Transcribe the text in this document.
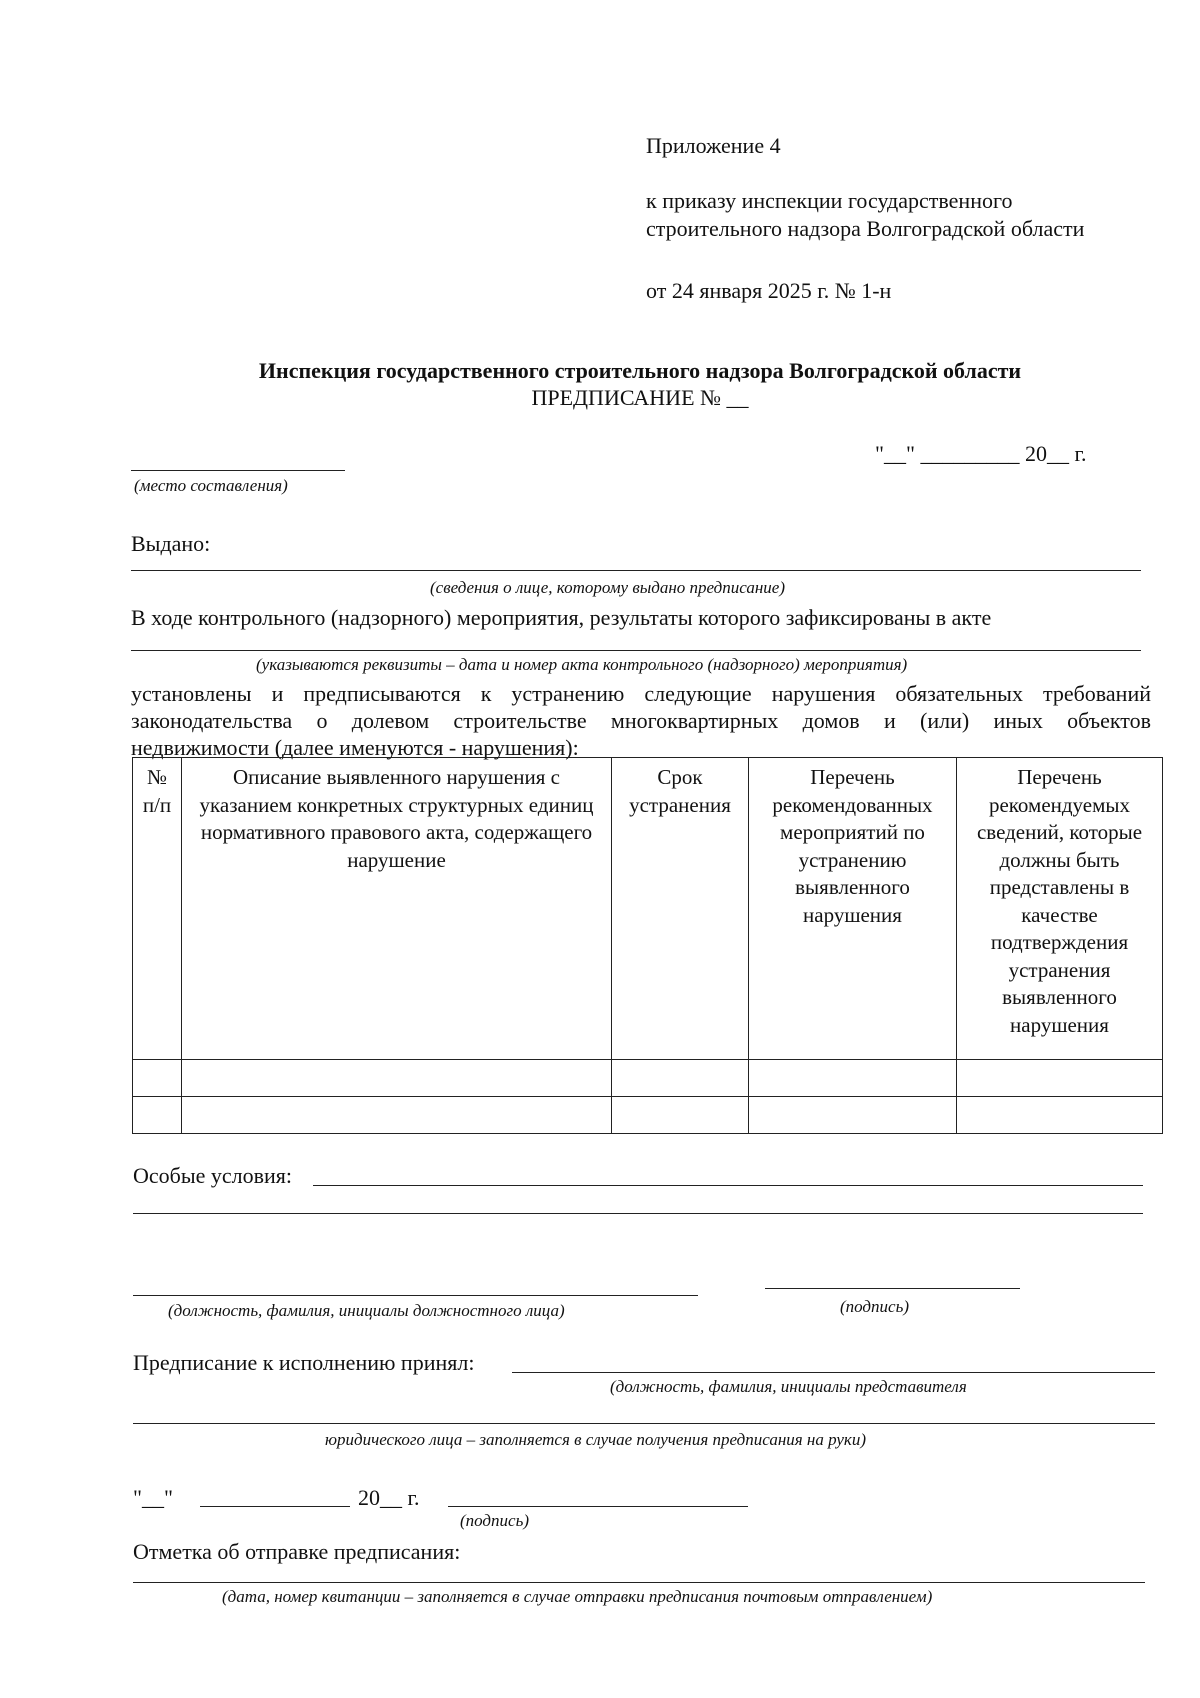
Приложение 4
к приказу инспекции государственного
строительного надзора Волгоградской области
от 24 января 2025 г. № 1-н
Инспекция государственного строительного надзора Волгоградской области
ПРЕДПИСАНИЕ № __
(место составления)
"__" _________ 20__ г.
Выдано:
(сведения о лице, которому выдано предписание)
В ходе контрольного (надзорного) мероприятия, результаты которого зафиксированы в акте
(указываются реквизиты – дата и номер акта контрольного (надзорного) мероприятия)
установлены и предписываются к устранению следующие нарушения обязательных требований
законодательства о долевом строительстве многоквартирных домов и (или) иных объектов
недвижимости (далее именуются - нарушения):
№ п/п	Описание выявленного нарушения с указанием конкретных структурных единиц нормативного правового акта, содержащего нарушение	Срок устранения	Перечень рекомендованных мероприятий по устранению выявленного нарушения	Перечень рекомендуемых сведений, которые должны быть представлены в качестве подтверждения устранения выявленного нарушения

Особые условия:
(должность, фамилия, инициалы должностного лица)	(подпись)
Предписание к исполнению принял:
(должность, фамилия, инициалы представителя
юридического лица – заполняется в случае получения предписания на руки)
"__"	20__ г.
(подпись)
Отметка об отправке предписания:
(дата, номер квитанции – заполняется в случае отправки предписания почтовым отправлением)
